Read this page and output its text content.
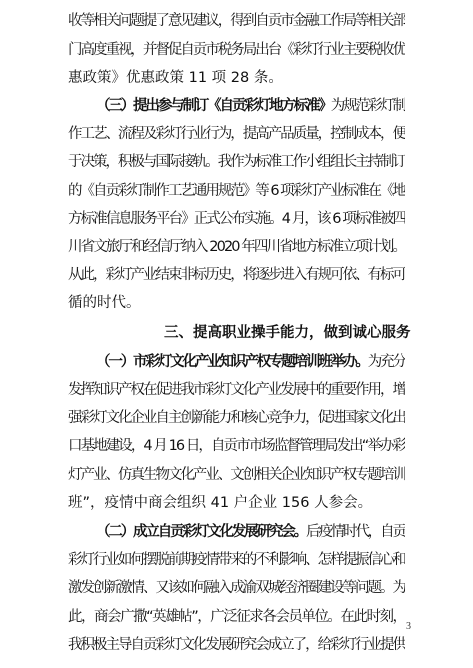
收等相关问题提了意见建议，得到自贡市金融工作局等相关部
门高度重视，并督促自贡市税务局出台《彩灯行业主要税收优
惠政策》优惠政策 11 项 28 条。
（三）提出参与制订《自贡彩灯地方标准》为规范彩灯制
作工艺、流程及彩灯行业行为，提高产品质量，控制成本，便
于决策，积极与国际接轨。我作为标准工作小组组长主持制订
的《自贡彩灯制作工艺通用规范》等 6 项彩灯产业标准在《地
方标准信息服务平台》正式公布实施。4 月，该 6 项标准被四
川省文旅厅和经信厅纳入 2020 年四川省地方标准立项计划。
从此，彩灯产业结束非标历史，将逐步进入有规可依、有标可
循的时代。
三、提高职业操手能力，做到诚心服务
（一）市彩灯文化产业知识产权专题培训班举办。为充分
发挥知识产权在促进我市彩灯文化产业发展中的重要作用，增
强彩灯文化企业自主创新能力和核心竞争力，促进国家文化出
口基地建设，4 月 16 日，自贡市市场监督管理局发出“举办彩
灯产业、仿真生物文化产业、文创相关企业知识产权专题培训
班”，疫情中商会组织 41 户企业 156 人参会。
（二）成立自贡彩灯文化发展研究会。后疫情时代，自贡
彩灯行业如何摆脱前期疫情带来的不利影响、怎样提振信心和
激发创新激情、又该如何融入成渝双城经济圈建设等问题。为
此，商会广撒“英雄帖”，广泛征求各会员单位。在此时刻，
我积极主导自贡彩灯文化发展研究会成立了，给彩灯行业提供
3
